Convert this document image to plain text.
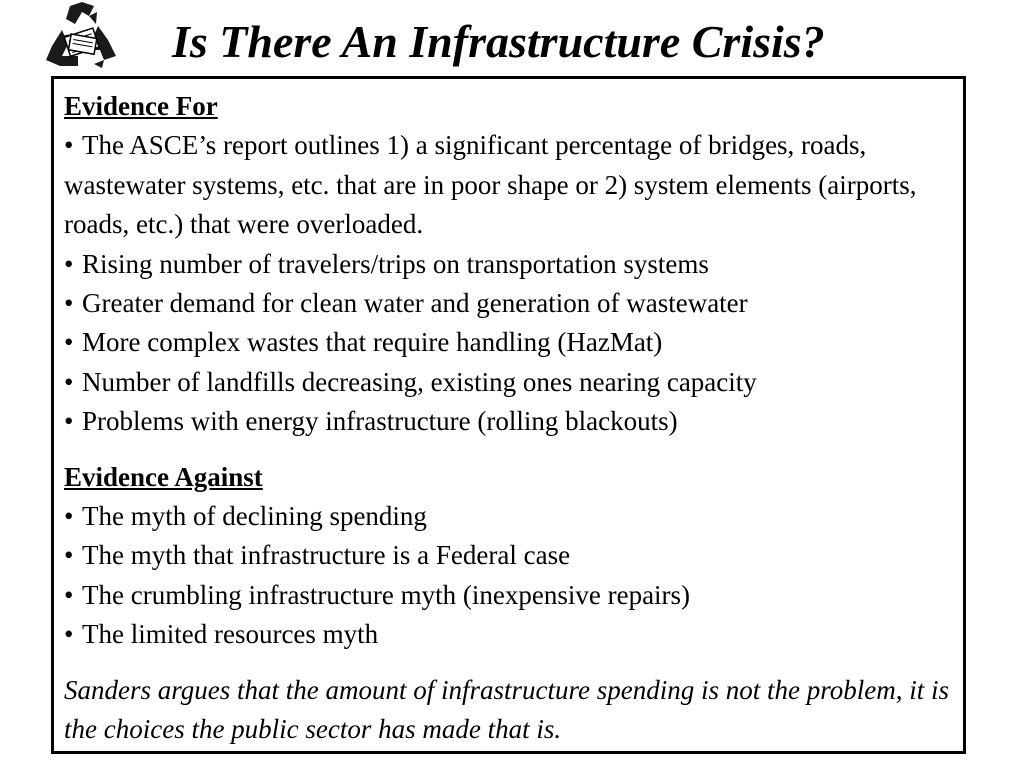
Is There An Infrastructure Crisis?
Evidence For
• The ASCE’s report outlines 1) a significant percentage of bridges, roads, wastewater systems, etc. that are in poor shape or 2) system elements (airports, roads, etc.) that were overloaded.
• Rising number of travelers/trips on transportation systems
• Greater demand for clean water and generation of wastewater
• More complex wastes that require handling (HazMat)
• Number of landfills decreasing, existing ones nearing capacity
• Problems with energy infrastructure (rolling blackouts)
Evidence Against
• The myth of declining spending
• The myth that infrastructure is a Federal case
• The crumbling infrastructure myth (inexpensive repairs)
• The limited resources myth
Sanders argues that the amount of infrastructure spending is not the problem, it is the choices the public sector has made that is.
